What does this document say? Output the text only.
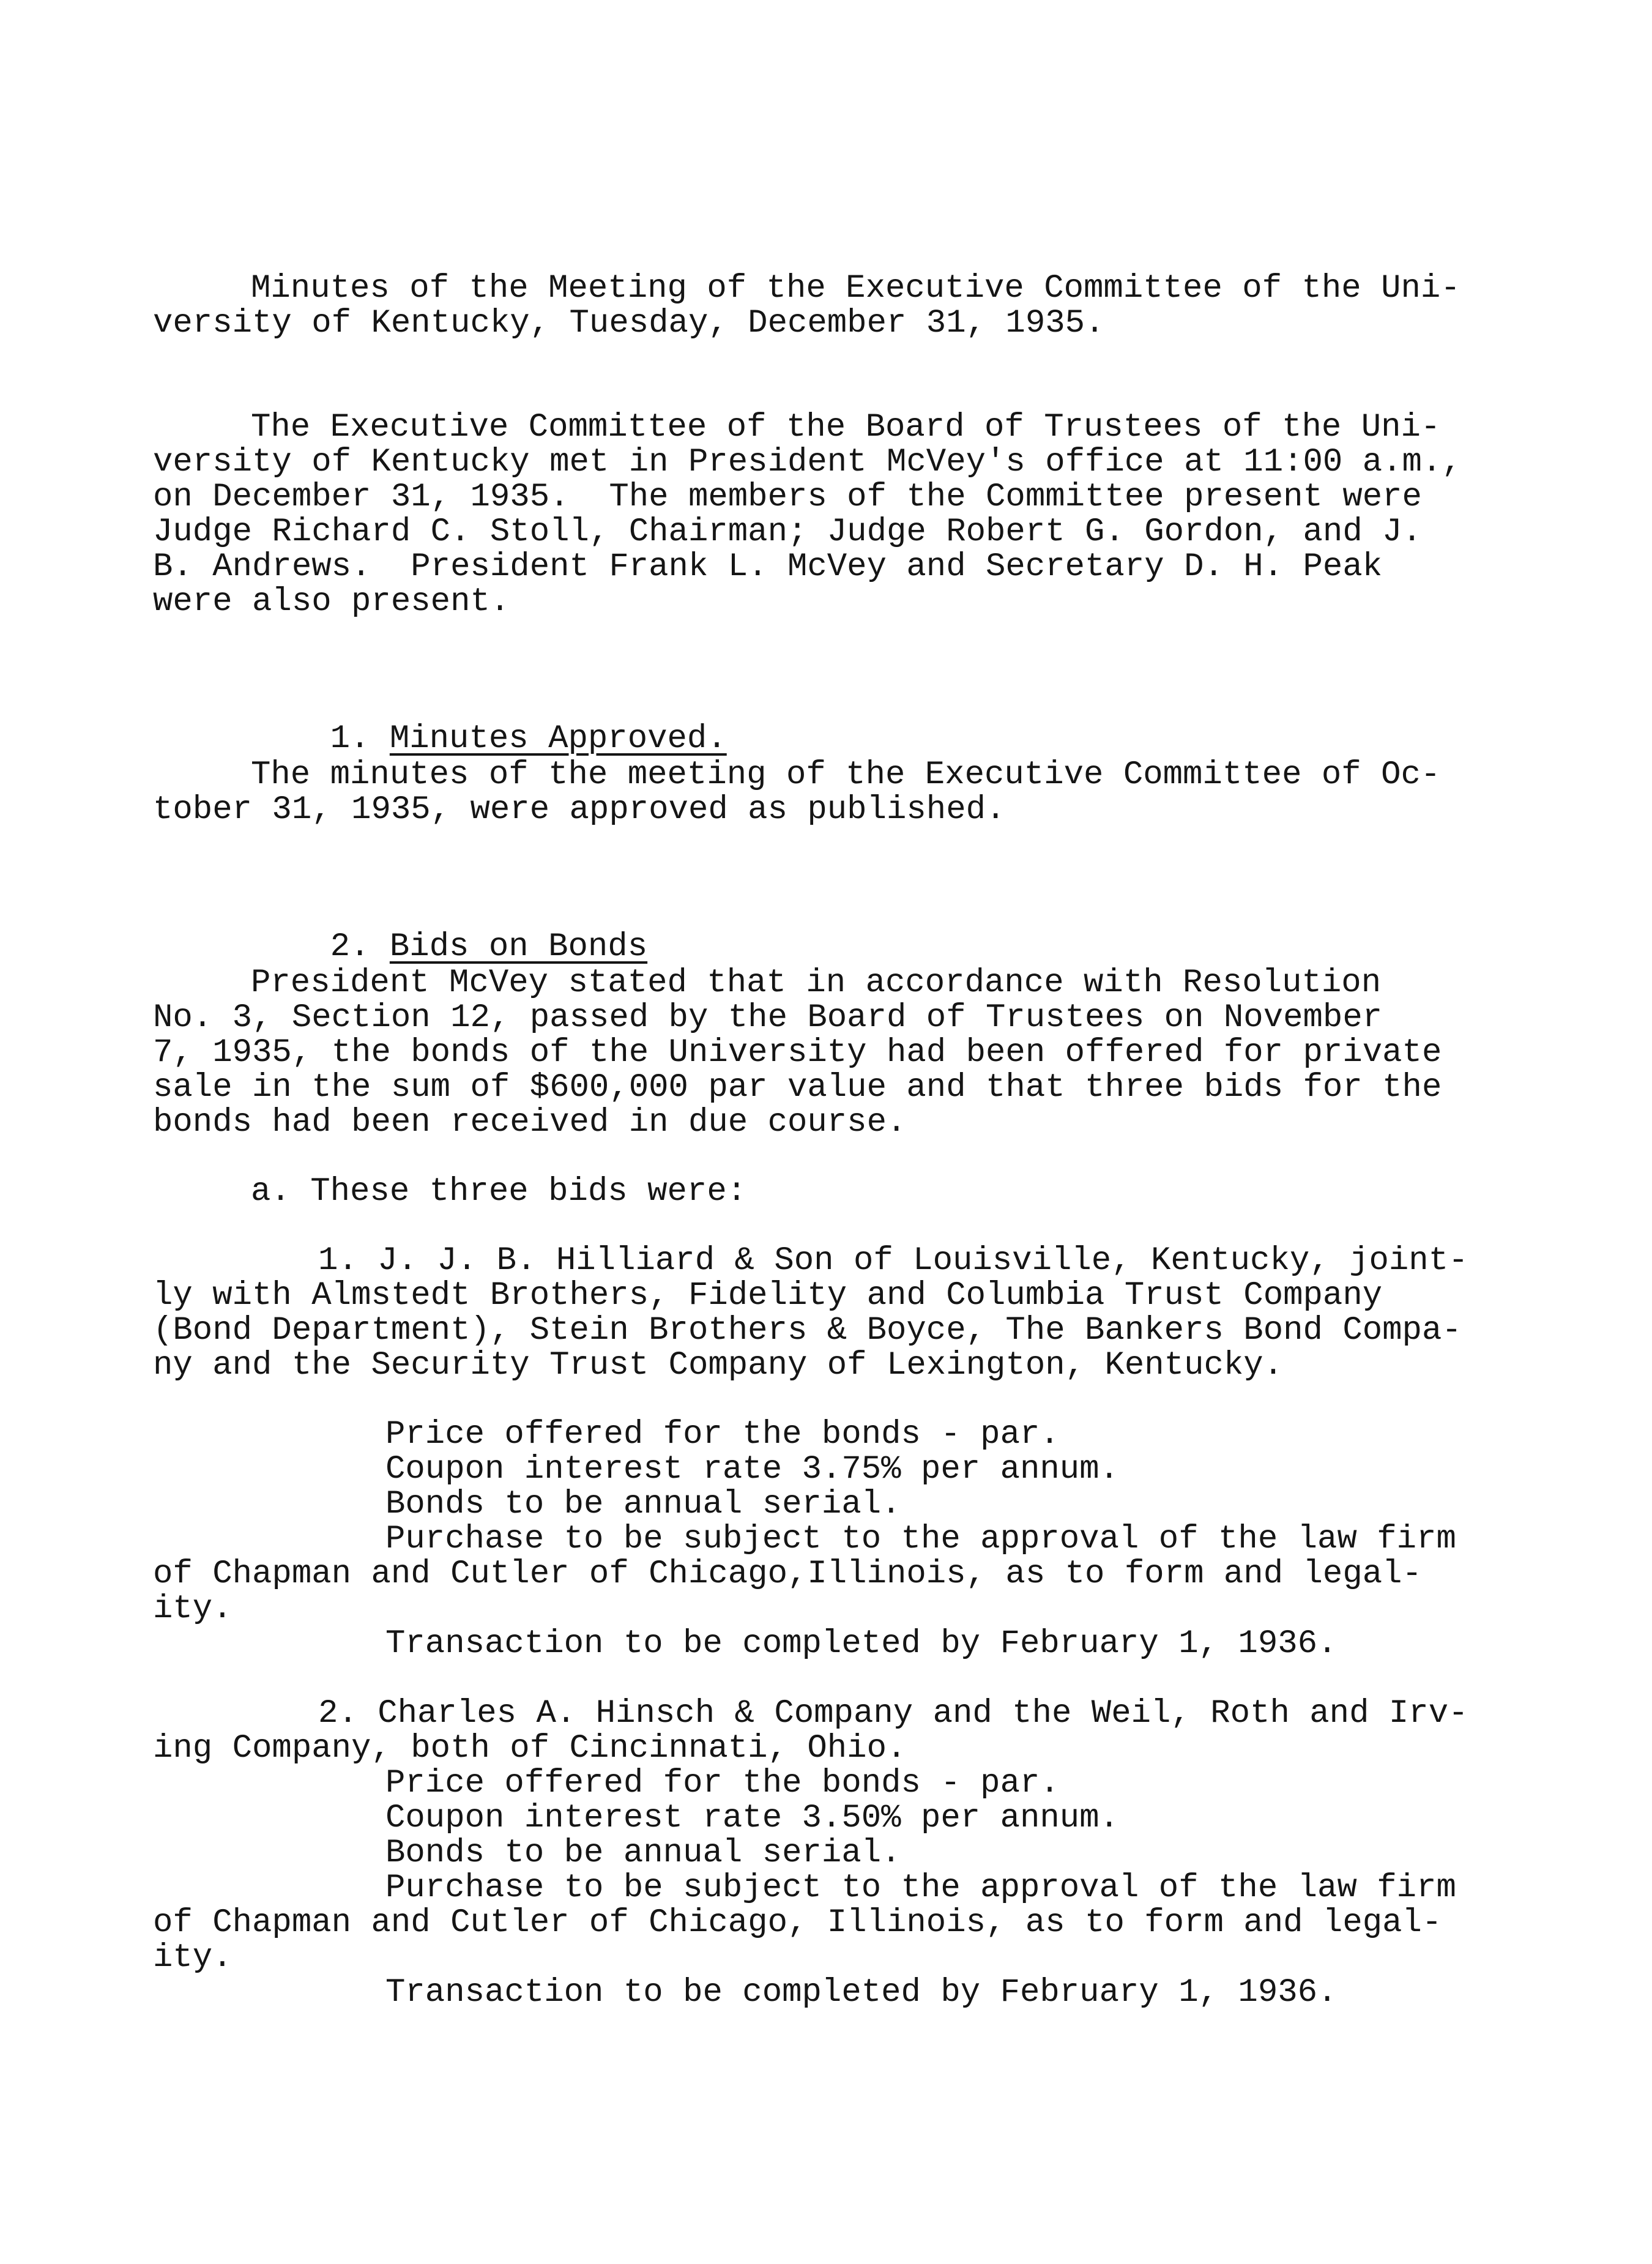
Minutes of the Meeting of the Executive Committee of the Uni-
versity of Kentucky, Tuesday, December 31, 1935.
The Executive Committee of the Board of Trustees of the Uni-
versity of Kentucky met in President McVey's office at 11:00 a.m.,
on December 31, 1935.  The members of the Committee present were
Judge Richard C. Stoll, Chairman; Judge Robert G. Gordon, and J.
B. Andrews.  President Frank L. McVey and Secretary D. H. Peak
were also present.

1. Minutes Approved.

The minutes of the meeting of the Executive Committee of Oc-
tober 31, 1935, were approved as published.

2. Bids on Bonds

President McVey stated that in accordance with Resolution
No. 3, Section 12, passed by the Board of Trustees on November
7, 1935, the bonds of the University had been offered for private
sale in the sum of $600,000 par value and that three bids for the
bonds had been received in due course.
a. These three bids were:
1. J. J. B. Hilliard & Son of Louisville, Kentucky, joint-
ly with Almstedt Brothers, Fidelity and Columbia Trust Company
(Bond Department), Stein Brothers & Boyce, The Bankers Bond Compa-
ny and the Security Trust Company of Lexington, Kentucky.
Price offered for the bonds - par.
Coupon interest rate 3.75% per annum.
Bonds to be annual serial.
Purchase to be subject to the approval of the law firm
of Chapman and Cutler of Chicago,Illinois, as to form and legal-
ity.
Transaction to be completed by February 1, 1936.
2. Charles A. Hinsch & Company and the Weil, Roth and Irv-
ing Company, both of Cincinnati, Ohio.
Price offered for the bonds - par.
Coupon interest rate 3.50% per annum.
Bonds to be annual serial.
Purchase to be subject to the approval of the law firm
of Chapman and Cutler of Chicago, Illinois, as to form and legal-
ity.
Transaction to be completed by February 1, 1936.
